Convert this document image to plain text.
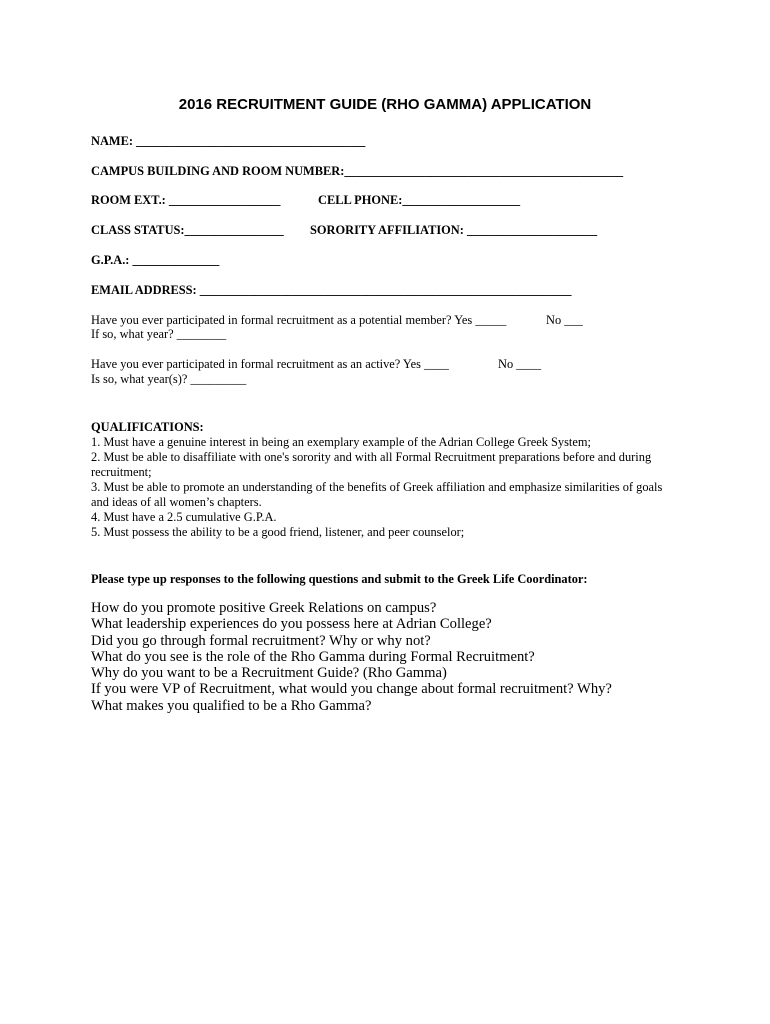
2016 RECRUITMENT GUIDE (RHO GAMMA) APPLICATION
NAME: _____________________________________
CAMPUS BUILDING AND ROOM NUMBER:_____________________________________________
ROOM EXT.: __________________	CELL PHONE:___________________
CLASS STATUS:________________ SORORITY AFFILIATION: _____________________
G.P.A.: ______________
EMAIL ADDRESS: ____________________________________________________________
Have you ever participated in formal recruitment as a potential member? Yes _____	No ___
If so, what year? ________
Have you ever participated in formal recruitment as an active? Yes ____	No ____
Is so, what year(s)? _________
QUALIFICATIONS:
1. Must have a genuine interest in being an exemplary example of the Adrian College Greek System;
2. Must be able to disaffiliate with one's sorority and with all Formal Recruitment preparations before and during recruitment;
3. Must be able to promote an understanding of the benefits of Greek affiliation and emphasize similarities of goals and ideas of all women’s chapters.
4. Must have a 2.5 cumulative G.P.A.
5. Must possess the ability to be a good friend, listener, and peer counselor;
Please type up responses to the following questions and submit to the Greek Life Coordinator:
How do you promote positive Greek Relations on campus?
What leadership experiences do you possess here at Adrian College?
Did you go through formal recruitment? Why or why not?
What do you see is the role of the Rho Gamma during Formal Recruitment?
Why do you want to be a Recruitment Guide? (Rho Gamma)
If you were VP of Recruitment, what would you change about formal recruitment? Why?
What makes you qualified to be a Rho Gamma?
